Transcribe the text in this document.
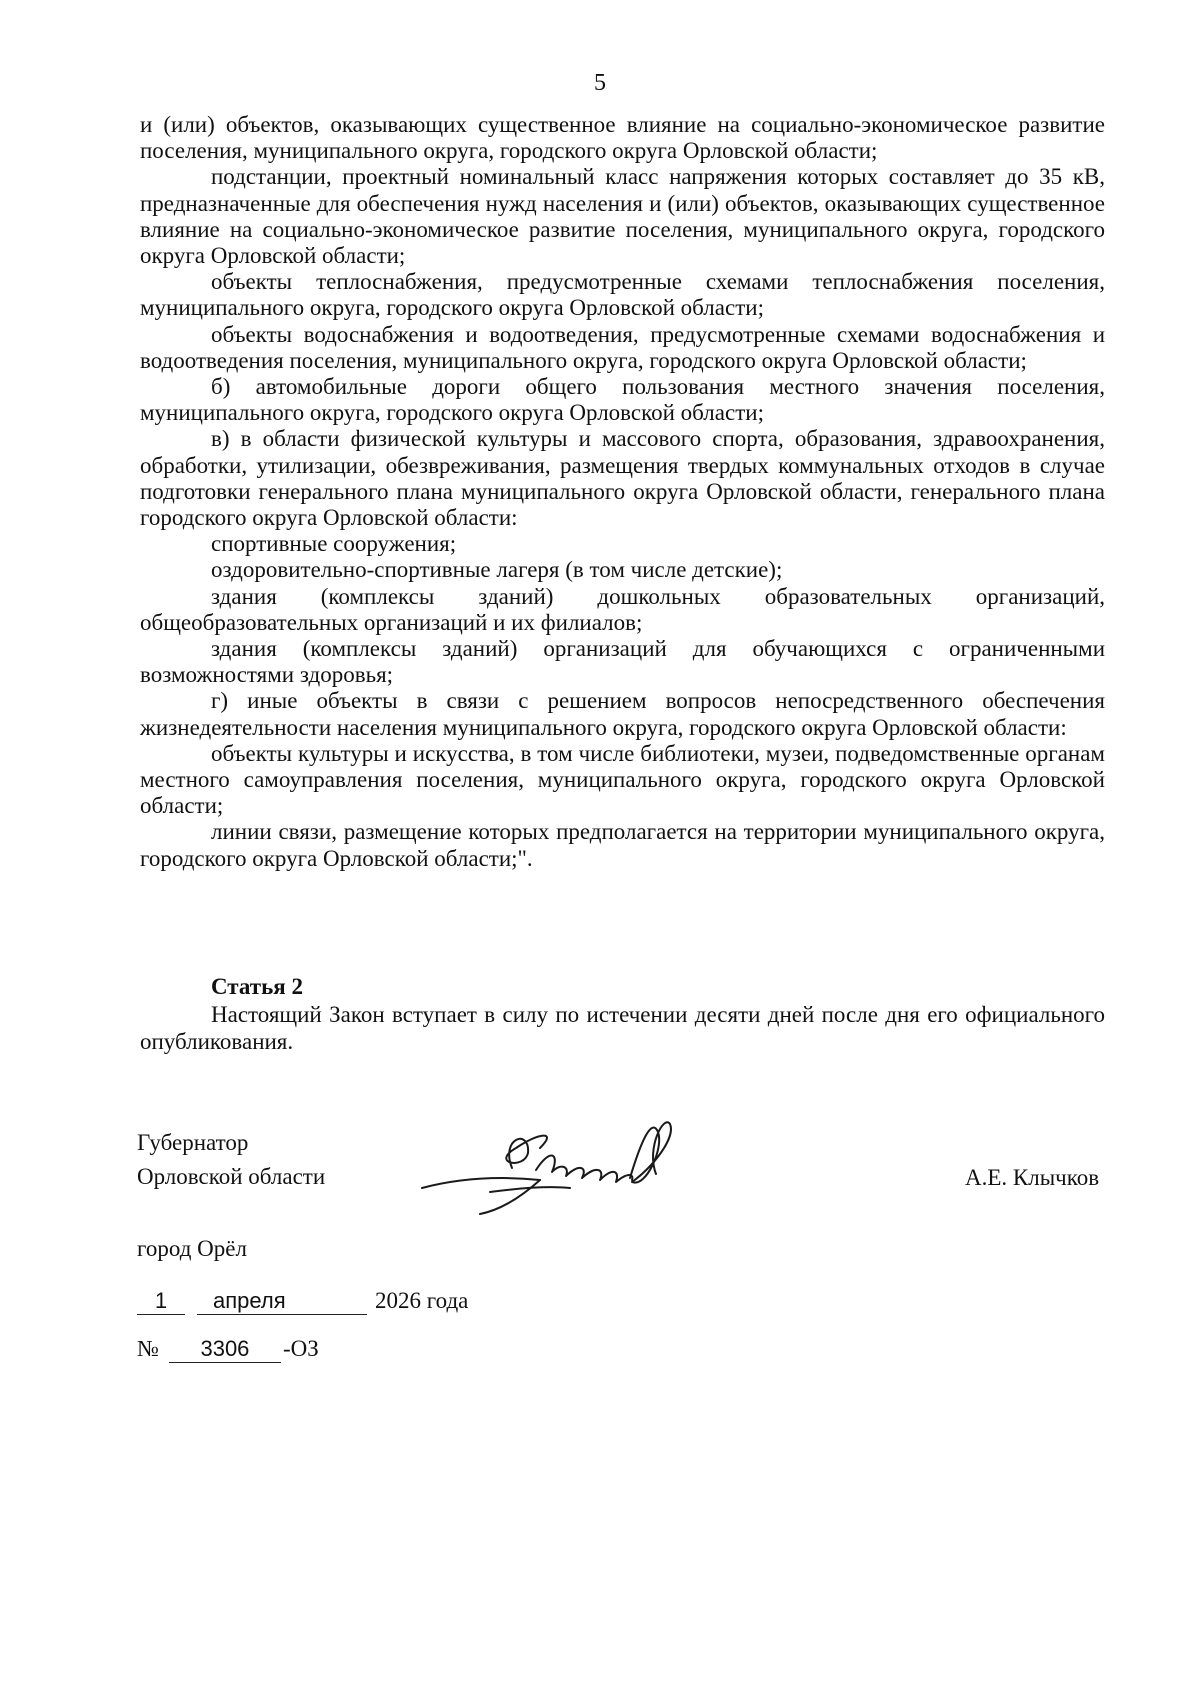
5

и (или) объектов, оказывающих существенное влияние на социально-экономическое развитие поселения, муниципального округа, городского округа Орловской области;

подстанции, проектный номинальный класс напряжения которых составляет до 35 кВ, предназначенные для обеспечения нужд населения и (или) объектов, оказывающих существенное влияние на социально-экономическое развитие поселения, муниципального округа, городского округа Орловской области;

объекты теплоснабжения, предусмотренные схемами теплоснабжения поселения, муниципального округа, городского округа Орловской области;

объекты водоснабжения и водоотведения, предусмотренные схемами водоснабжения и водоотведения поселения, муниципального округа, городского округа Орловской области;

б) автомобильные дороги общего пользования местного значения поселения, муниципального округа, городского округа Орловской области;

в) в области физической культуры и массового спорта, образования, здравоохранения, обработки, утилизации, обезвреживания, размещения твердых коммунальных отходов в случае подготовки генерального плана муниципального округа Орловской области, генерального плана городского округа Орловской области:

спортивные сооружения;

оздоровительно-спортивные лагеря (в том числе детские);

здания (комплексы зданий) дошкольных образовательных организаций, общеобразовательных организаций и их филиалов;

здания (комплексы зданий) организаций для обучающихся с ограниченными возможностями здоровья;

г) иные объекты в связи с решением вопросов непосредственного обеспечения жизнедеятельности населения муниципального округа, городского округа Орловской области:

объекты культуры и искусства, в том числе библиотеки, музеи, подведомственные органам местного самоуправления поселения, муниципального округа, городского округа Орловской области;

линии связи, размещение которых предполагается на территории муниципального округа, городского округа Орловской области;".

Статья 2

Настоящий Закон вступает в силу по истечении десяти дней после дня его официального опубликования.

Губернатор
Орловской области	А.Е. Клычков
город Орёл
1 апреля	2026 года
№ 3306 -ОЗ
